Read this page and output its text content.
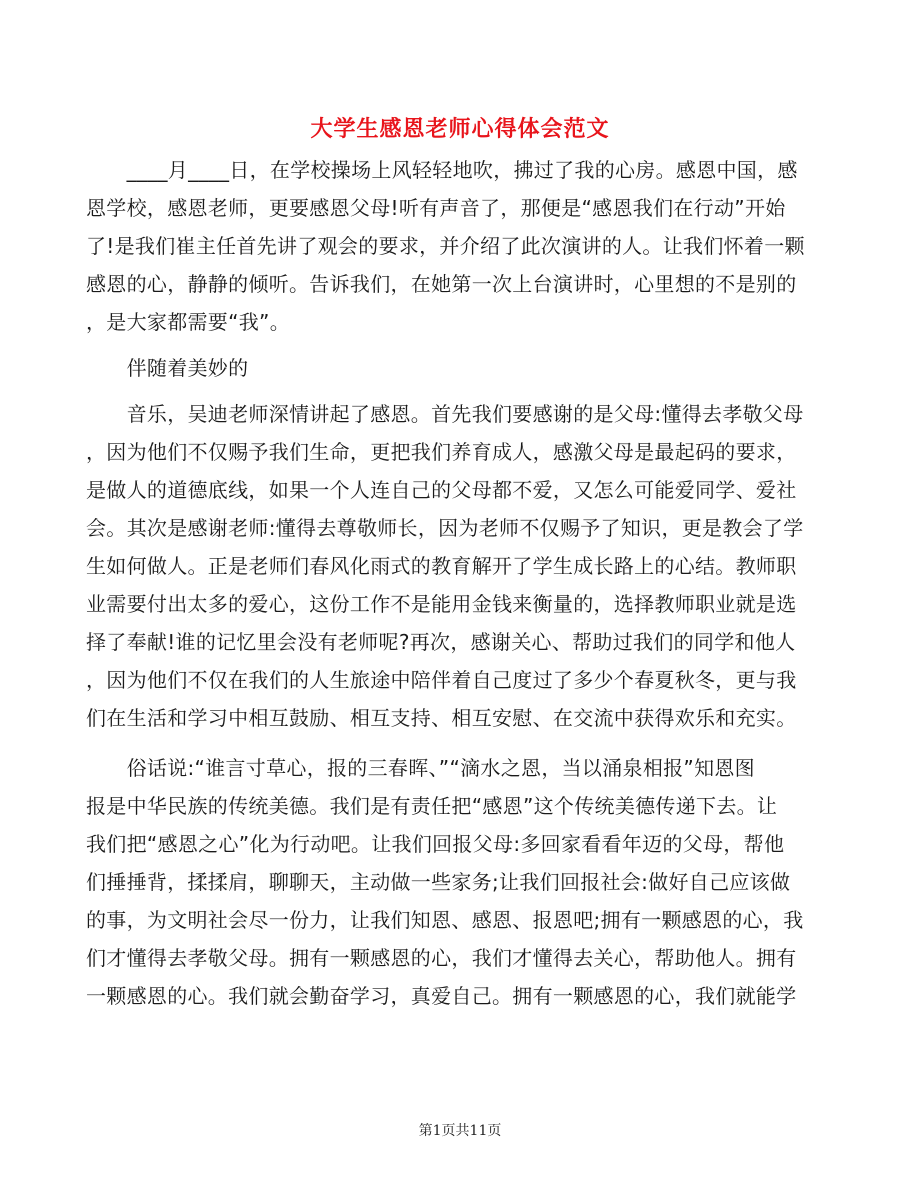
大学生感恩老师心得体会范文
　　____月____日，在学校操场上风轻轻地吹，拂过了我的心房。感恩中国，感
恩学校，感恩老师，更要感恩父母!听有声音了，那便是“感恩我们在行动”开始
了!是我们崔主任首先讲了观会的要求，并介绍了此次演讲的人。让我们怀着一颗
感恩的心，静静的倾听。告诉我们，在她第一次上台演讲时，心里想的不是别的
，是大家都需要“我”。
　　伴随着美妙的
　　音乐，吴迪老师深情讲起了感恩。首先我们要感谢的是父母:懂得去孝敬父母
，因为他们不仅赐予我们生命，更把我们养育成人，感激父母是最起码的要求，
是做人的道德底线，如果一个人连自己的父母都不爱，又怎么可能爱同学、爱社
会。其次是感谢老师:懂得去尊敬师长，因为老师不仅赐予了知识，更是教会了学
生如何做人。正是老师们春风化雨式的教育解开了学生成长路上的心结。教师职
业需要付出太多的爱心，这份工作不是能用金钱来衡量的，选择教师职业就是选
择了奉献!谁的记忆里会没有老师呢?再次，感谢关心、帮助过我们的同学和他人
，因为他们不仅在我们的人生旅途中陪伴着自己度过了多少个春夏秋冬，更与我
们在生活和学习中相互鼓励、相互支持、相互安慰、在交流中获得欢乐和充实。
　　俗话说:“谁言寸草心，报的三春晖、”“滴水之恩，当以涌泉相报”知恩图
报是中华民族的传统美德。我们是有责任把“感恩”这个传统美德传递下去。让
我们把“感恩之心”化为行动吧。让我们回报父母:多回家看看年迈的父母，帮他
们捶捶背，揉揉肩，聊聊天，主动做一些家务;让我们回报社会:做好自己应该做
的事，为文明社会尽一份力，让我们知恩、感恩、报恩吧;拥有一颗感恩的心，我
们才懂得去孝敬父母。拥有一颗感恩的心，我们才懂得去关心，帮助他人。拥有
一颗感恩的心。我们就会勤奋学习，真爱自己。拥有一颗感恩的心，我们就能学
第1页共11页
